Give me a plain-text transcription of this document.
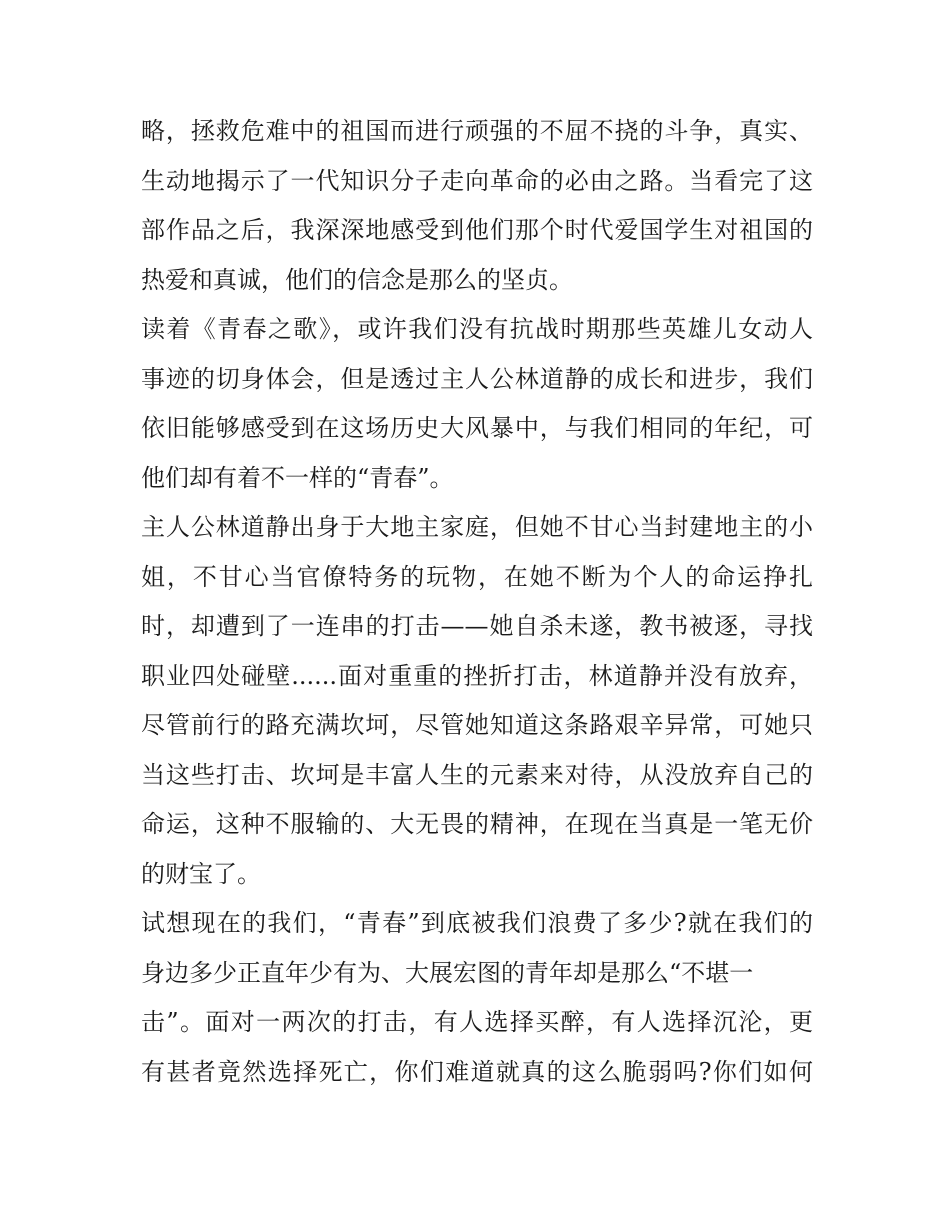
略，拯救危难中的祖国而进行顽强的不屈不挠的斗争，真实、
生动地揭示了一代知识分子走向革命的必由之路。当看完了这
部作品之后，我深深地感受到他们那个时代爱国学生对祖国的
热爱和真诚，他们的信念是那么的坚贞。
读着《青春之歌》，或许我们没有抗战时期那些英雄儿女动人
事迹的切身体会，但是透过主人公林道静的成长和进步，我们
依旧能够感受到在这场历史大风暴中，与我们相同的年纪，可
他们却有着不一样的“青春”。
主人公林道静出身于大地主家庭，但她不甘心当封建地主的小
姐，不甘心当官僚特务的玩物，在她不断为个人的命运挣扎
时，却遭到了一连串的打击——她自杀未遂，教书被逐，寻找
职业四处碰壁......面对重重的挫折打击，林道静并没有放弃，
尽管前行的路充满坎坷，尽管她知道这条路艰辛异常，可她只
当这些打击、坎坷是丰富人生的元素来对待，从没放弃自己的
命运，这种不服输的、大无畏的精神，在现在当真是一笔无价
的财宝了。
试想现在的我们，“青春”到底被我们浪费了多少?就在我们的
身边多少正直年少有为、大展宏图的青年却是那么“不堪一
击”。面对一两次的打击，有人选择买醉，有人选择沉沦，更
有甚者竟然选择死亡，你们难道就真的这么脆弱吗?你们如何
